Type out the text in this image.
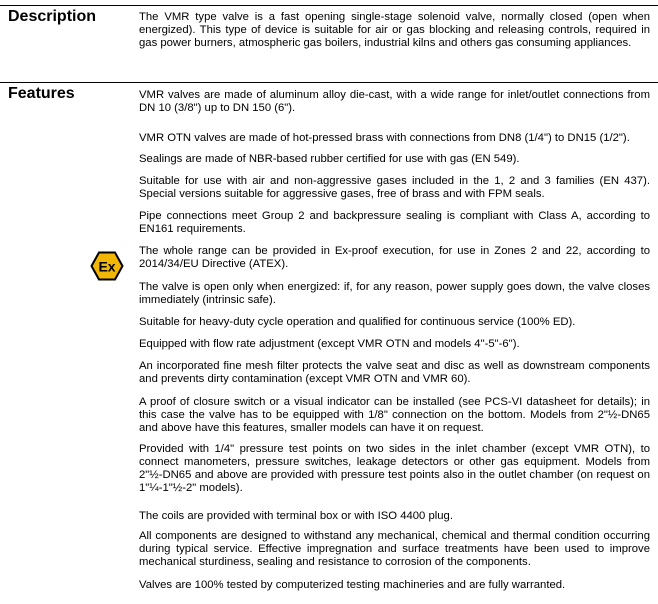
Description	The VMR type valve is a fast opening single-stage solenoid valve, normally closed (open when energized). This type of device is suitable for air or gas blocking and releasing controls, required in gas power burners, atmospheric gas boilers, industrial kilns and others gas consuming appliances.
Features	VMR valves are made of aluminum alloy die-cast, with a wide range for inlet/outlet connections from DN 10 (3/8") up to DN 150 (6").
VMR OTN valves are made of hot-pressed brass with connections from DN8 (1/4") to DN15 (1/2").
Sealings are made of NBR-based rubber certified for use with gas (EN 549).
Suitable for use with air and non-aggressive gases included in the 1, 2 and 3 families (EN 437). Special versions suitable for aggressive gases, free of brass and with FPM seals.
Pipe connections meet Group 2 and backpressure sealing is compliant with Class A, according to EN161 requirements.
Ex
The whole range can be provided in Ex-proof execution, for use in Zones 2 and 22, according to 2014/34/EU Directive (ATEX).
The valve is open only when energized: if, for any reason, power supply goes down, the valve closes immediately (intrinsic safe).
Suitable for heavy-duty cycle operation and qualified for continuous service (100% ED).
Equipped with flow rate adjustment (except VMR OTN and models 4"-5"-6").
An incorporated fine mesh filter protects the valve seat and disc as well as downstream components and prevents dirty contamination (except VMR OTN and VMR 60).
A proof of closure switch or a visual indicator can be installed (see PCS-VI datasheet for details); in this case the valve has to be equipped with 1/8" connection on the bottom. Models from 2"½-DN65 and above have this features, smaller models can have it on request.
Provided with 1/4" pressure test points on two sides in the inlet chamber (except VMR OTN), to connect manometers, pressure switches, leakage detectors or other gas equipment. Models from 2"½-DN65 and above are provided with pressure test points also in the outlet chamber (on request on 1"¼-1"½-2" models).
The coils are provided with terminal box or with ISO 4400 plug.
All components are designed to withstand any mechanical, chemical and thermal condition occurring during typical service. Effective impregnation and surface treatments have been used to improve mechanical sturdiness, sealing and resistance to corrosion of the components.
Valves are 100% tested by computerized testing machineries and are fully warranted.
